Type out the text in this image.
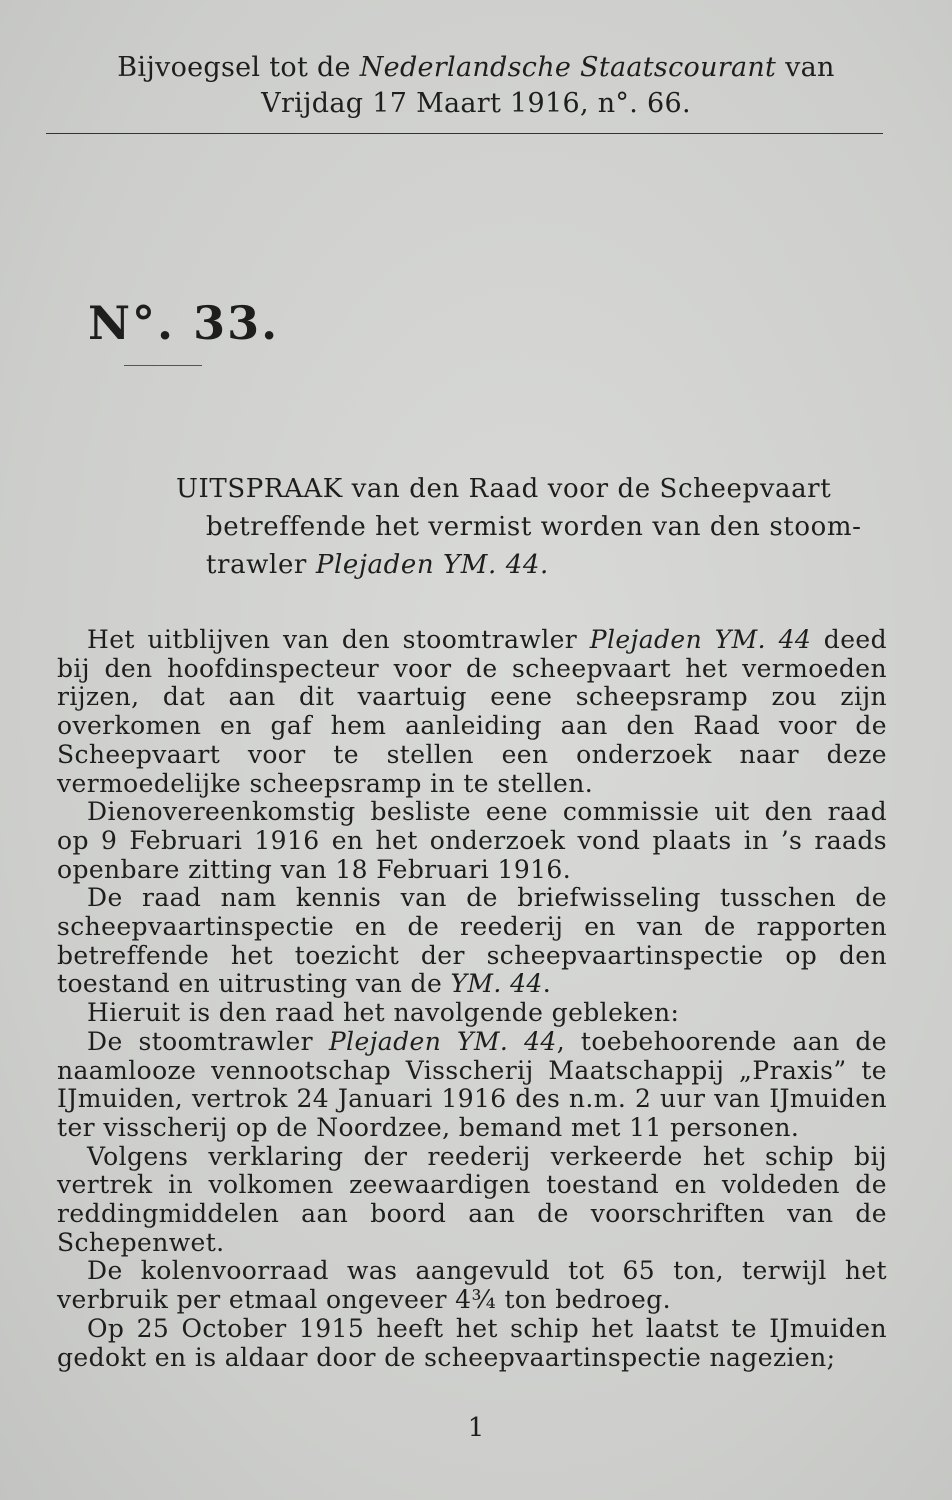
Bijvoegsel tot de Nederlandsche Staatscourant van
Vrijdag 17 Maart 1916, n°. 66.
N°. 33.
UITSPRAAK van den Raad voor de Scheepvaart
betreffende het vermist worden van den stoom-
trawler Plejaden YM. 44.

Het uitblijven van den stoomtrawler Plejaden YM. 44 deed bij den hoofdinspecteur voor de scheepvaart het vermoeden rijzen, dat aan dit vaartuig eene scheepsramp zou zijn overkomen en gaf hem aanleiding aan den Raad voor de Scheepvaart voor te stellen een onderzoek naar deze vermoedelijke scheepsramp in te stellen.

Dienovereenkomstig besliste eene commissie uit den raad op 9 Februari 1916 en het onderzoek vond plaats in ’s raads openbare zitting van 18 Februari 1916.

De raad nam kennis van de briefwisseling tusschen de scheepvaartinspectie en de reederij en van de rapporten betreffende het toezicht der scheepvaartinspectie op den toestand en uitrusting van de YM. 44.

Hieruit is den raad het navolgende gebleken:

De stoomtrawler Plejaden YM. 44, toebehoorende aan de naamlooze vennootschap Visscherij Maatschappij „Praxis” te IJmuiden, vertrok 24 Januari 1916 des n.m. 2 uur van IJmuiden ter visscherij op de Noordzee, bemand met 11 personen.

Volgens verklaring der reederij verkeerde het schip bij vertrek in volkomen zeewaardigen toestand en voldeden de reddingmiddelen aan boord aan de voorschriften van de Schepenwet.

De kolenvoorraad was aangevuld tot 65 ton, terwijl het verbruik per etmaal ongeveer 4¾ ton bedroeg.

Op 25 October 1915 heeft het schip het laatst te IJmuiden gedokt en is aldaar door de scheepvaartinspectie nagezien;

1
